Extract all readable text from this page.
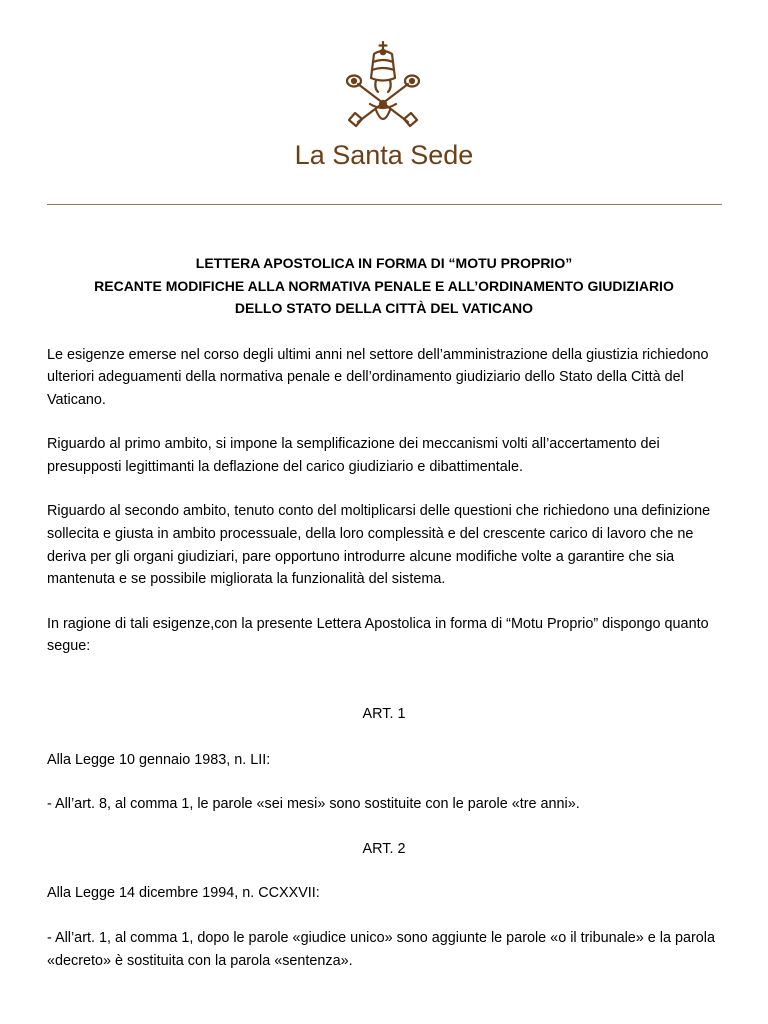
La Santa Sede
LETTERA APOSTOLICA IN FORMA DI “MOTU PROPRIO”
RECANTE MODIFICHE ALLA NORMATIVA PENALE E ALL’ORDINAMENTO GIUDIZIARIO
DELLO STATO DELLA CITTÀ DEL VATICANO

Le esigenze emerse nel corso degli ultimi anni nel settore dell’amministrazione della giustizia richiedono ulteriori adeguamenti della normativa penale e dell’ordinamento giudiziario dello Stato della Città del Vaticano.

Riguardo al primo ambito, si impone la semplificazione dei meccanismi volti all’accertamento dei presupposti legittimanti la deflazione del carico giudiziario e dibattimentale.

Riguardo al secondo ambito, tenuto conto del moltiplicarsi delle questioni che richiedono una definizione sollecita e giusta in ambito processuale, della loro complessità e del crescente carico di lavoro che ne deriva per gli organi giudiziari, pare opportuno introdurre alcune modifiche volte a garantire che sia mantenuta e se possibile migliorata la funzionalità del sistema.

In ragione di tali esigenze,con la presente Lettera Apostolica in forma di “Motu Proprio” dispongo quanto segue:

ART. 1

Alla Legge 10 gennaio 1983, n. LII:

- All’art. 8, al comma 1, le parole «sei mesi» sono sostituite con le parole «tre anni».

ART. 2

Alla Legge 14 dicembre 1994, n. CCXXVII:

- All’art. 1, al comma 1, dopo le parole «giudice unico» sono aggiunte le parole «o il tribunale» e la parola «decreto» è sostituita con la parola «sentenza».
